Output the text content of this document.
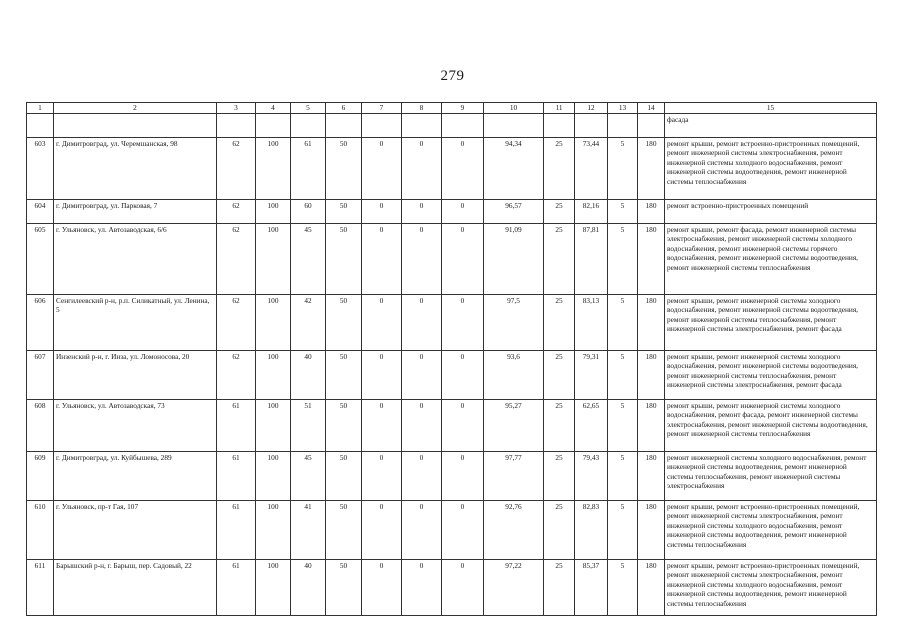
279
1	2	3	4	5	6	7	8	9	10	11	12	13	14	15
														фасада
603	г. Димитровград, ул. Черемшанская, 98	62	100	61	50	0	0	0	94,34	25	73,44	5	180	ремонт крыши, ремонт встроенно-пристроенных помещений, ремонт инженерной системы электроснабжения, ремонт инженерной системы холодного водоснабжения, ремонт инженерной системы водоотведения, ремонт инженерной системы теплоснабжения
604	г. Димитровград, ул. Парковая, 7	62	100	60	50	0	0	0	96,57	25	82,16	5	180	ремонт встроенно-пристроенных помещений
605	г. Ульяновск, ул. Автозаводская, 6/6	62	100	45	50	0	0	0	91,09	25	87,81	5	180	ремонт крыши, ремонт фасада, ремонт инженерной системы электроснабжения, ремонт инженерной системы холодного водоснабжения, ремонт инженерной системы горячего водоснабжения, ремонт инженерной системы водоотведения, ремонт инженерной системы теплоснабжения
606	Сенгилеевский р-н, р.п. Силикатный, ул. Ленина, 5	62	100	42	50	0	0	0	97,5	25	83,13	5	180	ремонт крыши, ремонт инженерной системы холодного водоснабжения, ремонт инженерной системы водоотведения, ремонт инженерной системы теплоснабжения, ремонт инженерной системы электроснабжения, ремонт фасада
607	Инзенский р-н, г. Инза, ул. Ломоносова, 20	62	100	40	50	0	0	0	93,6	25	79,31	5	180	ремонт крыши, ремонт инженерной системы холодного водоснабжения, ремонт инженерной системы водоотведения, ремонт инженерной системы теплоснабжения, ремонт инженерной системы электроснабжения, ремонт фасада
608	г. Ульяновск, ул. Автозаводская, 73	61	100	51	50	0	0	0	95,27	25	62,65	5	180	ремонт крыши, ремонт инженерной системы холодного водоснабжения, ремонт фасада, ремонт инженерной системы электроснабжения, ремонт инженерной системы водоотведения, ремонт инженерной системы теплоснабжения
609	г. Димитровград, ул. Куйбышева, 289	61	100	45	50	0	0	0	97,77	25	79,43	5	180	ремонт инженерной системы холодного водоснабжения, ремонт инженерной системы водоотведения, ремонт инженерной системы теплоснабжения, ремонт инженерной системы электроснабжения
610	г. Ульяновск, пр-т Гая, 107	61	100	41	50	0	0	0	92,76	25	82,83	5	180	ремонт крыши, ремонт встроенно-пристроенных помещений, ремонт инженерной системы электроснабжения, ремонт инженерной системы холодного водоснабжения, ремонт инженерной системы водоотведения, ремонт инженерной системы теплоснабжения
611	Барышский р-н, г. Барыш, пер. Садовый, 22	61	100	40	50	0	0	0	97,22	25	85,37	5	180	ремонт крыши, ремонт встроенно-пристроенных помещений, ремонт инженерной системы электроснабжения, ремонт инженерной системы холодного водоснабжения, ремонт инженерной системы водоотведения, ремонт инженерной системы теплоснабжения
